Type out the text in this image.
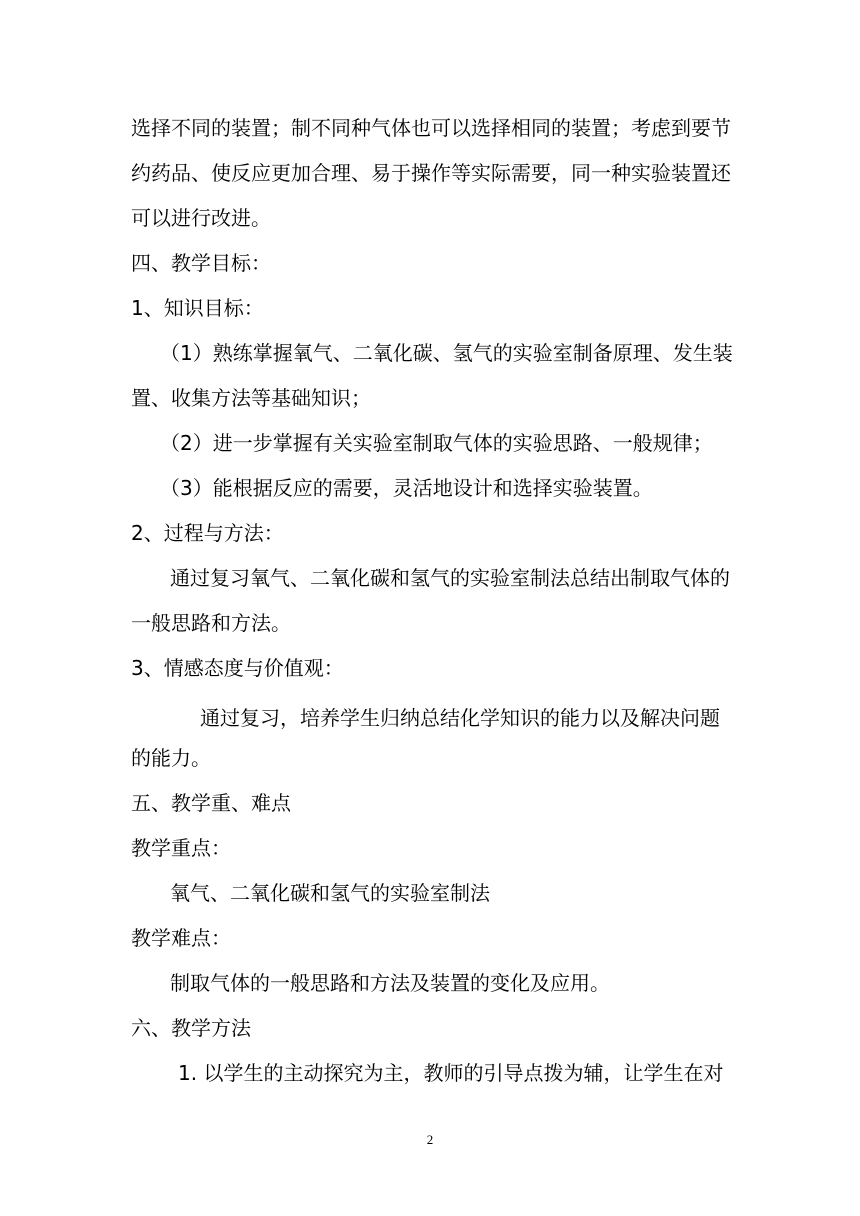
选择不同的装置；制不同种气体也可以选择相同的装置；考虑到要节
约药品、使反应更加合理、易于操作等实际需要，同一种实验装置还
可以进行改进。
四、教学目标：
1、知识目标：
（1）熟练掌握氧气、二氧化碳、氢气的实验室制备原理、发生装
置、收集方法等基础知识；
（2）进一步掌握有关实验室制取气体的实验思路、一般规律；
（3）能根据反应的需要，灵活地设计和选择实验装置。
2、过程与方法：
通过复习氧气、二氧化碳和氢气的实验室制法总结出制取气体的
一般思路和方法。
3、情感态度与价值观：
通过复习，培养学生归纳总结化学知识的能力以及解决问题
的能力。
五、教学重、难点
教学重点：
氧气、二氧化碳和氢气的实验室制法
教学难点：
制取气体的一般思路和方法及装置的变化及应用。
六、教学方法
1. 以学生的主动探究为主，教师的引导点拨为辅，让学生在对
2
